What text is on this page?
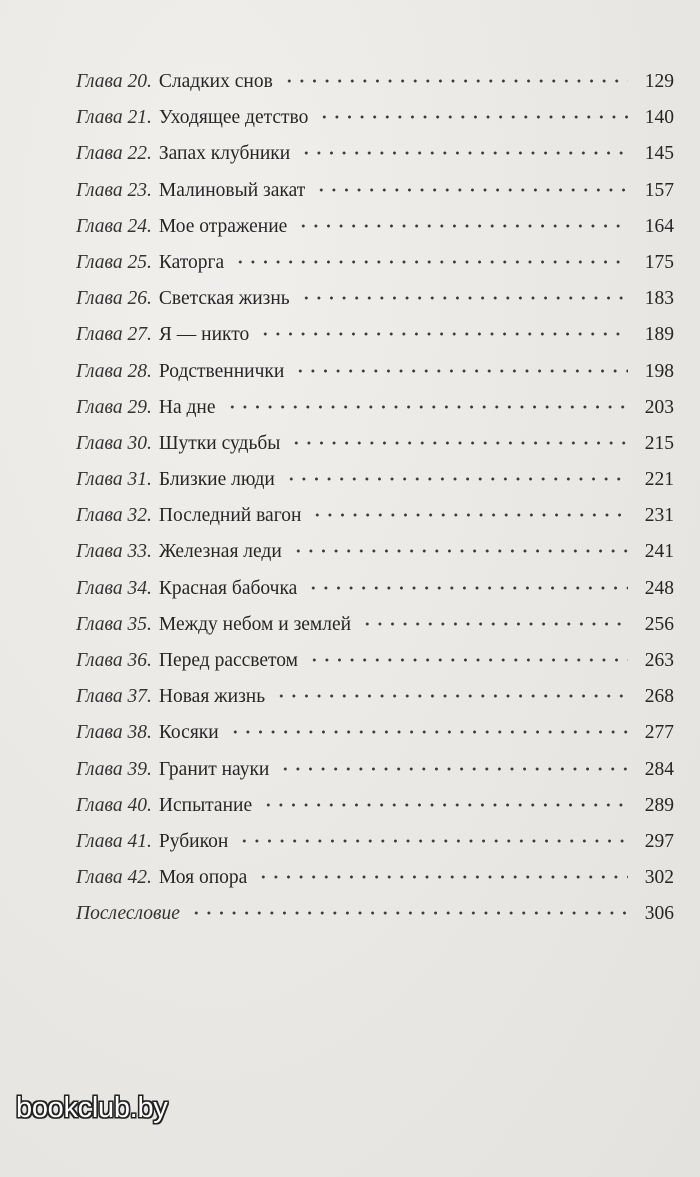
Глава 20. Сладких снов	129
Глава 21. Уходящее детство	140
Глава 22. Запах клубники	145
Глава 23. Малиновый закат	157
Глава 24. Мое отражение	164
Глава 25. Каторга	175
Глава 26. Светская жизнь	183
Глава 27. Я — никто	189
Глава 28. Родственнички	198
Глава 29. На дне	203
Глава 30. Шутки судьбы	215
Глава 31. Близкие люди	221
Глава 32. Последний вагон	231
Глава 33. Железная леди	241
Глава 34. Красная бабочка	248
Глава 35. Между небом и землей	256
Глава 36. Перед рассветом	263
Глава 37. Новая жизнь	268
Глава 38. Косяки	277
Глава 39. Гранит науки	284
Глава 40. Испытание	289
Глава 41. Рубикон	297
Глава 42. Моя опора	302
Послесловие	306
bookclub.by
